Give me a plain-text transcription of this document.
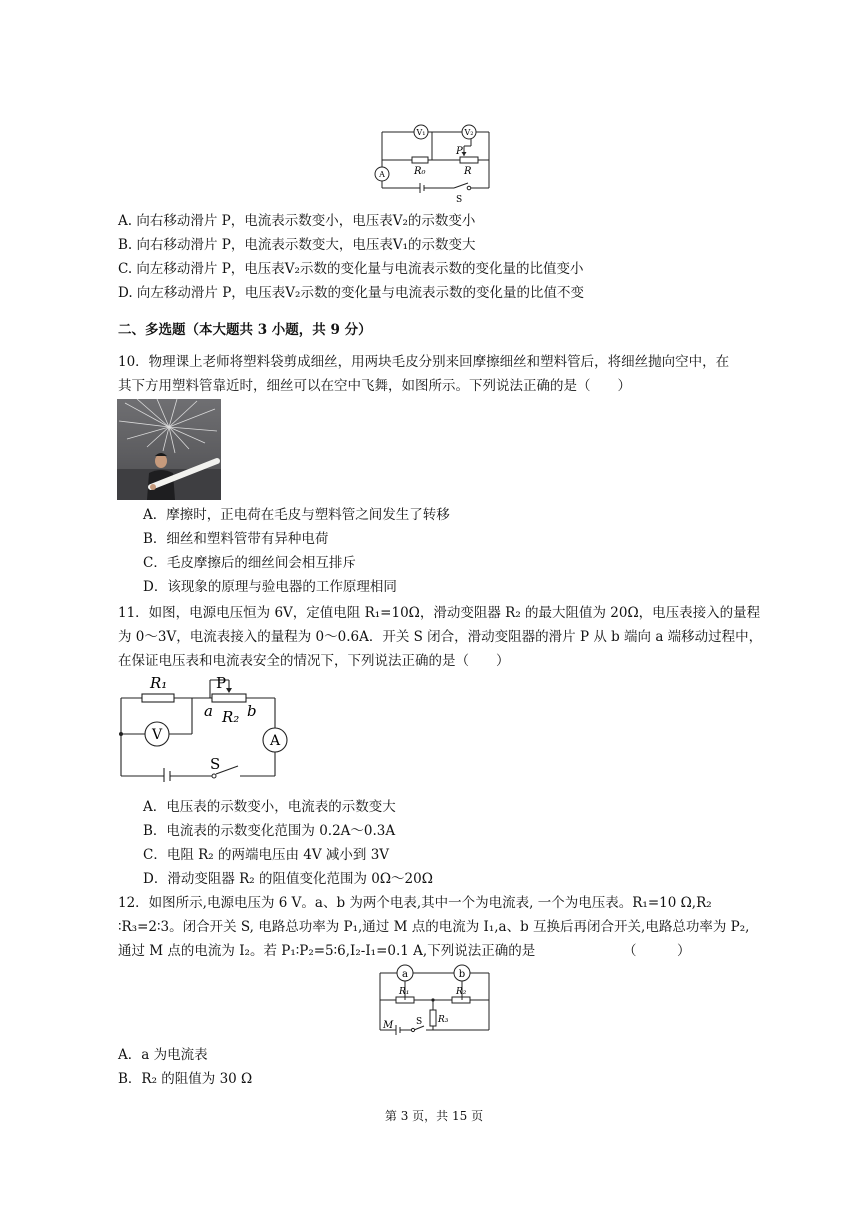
V₁	V₂
A
P
R₀	R
S
A. 向右移动滑片 P，电流表示数变小，电压表V₂的示数变小
B. 向右移动滑片 P，电流表示数变大，电压表V₁的示数变大
C. 向左移动滑片 P，电压表V₂示数的变化量与电流表示数的变化量的比值变小
D. 向左移动滑片 P，电压表V₂示数的变化量与电流表示数的变化量的比值不变
二、多选题（本大题共 3 小题，共 9 分）
10．物理课上老师将塑料袋剪成细丝，用两块毛皮分别来回摩擦细丝和塑料管后，将细丝抛向空中，在
其下方用塑料管靠近时，细丝可以在空中飞舞，如图所示。下列说法正确的是（　　）
A．摩擦时，正电荷在毛皮与塑料管之间发生了转移
B．细丝和塑料管带有异种电荷
C．毛皮摩擦后的细丝间会相互排斥
D．该现象的原理与验电器的工作原理相同
11．如图，电源电压恒为 6V，定值电阻 R₁=10Ω，滑动变阻器 R₂ 的最大阻值为 20Ω，电压表接入的量程
为 0～3V，电流表接入的量程为 0～0.6A．开关 S 闭合，滑动变阻器的滑片 P 从 b 端向 a 端移动过程中，
在保证电压表和电流表安全的情况下，下列说法正确的是（　　）
R₁	P
a R₂ b
V	A
S
A．电压表的示数变小，电流表的示数变大
B．电流表的示数变化范围为 0.2A～0.3A
C．电阻 R₂ 的两端电压由 4V 减小到 3V
D．滑动变阻器 R₂ 的阻值变化范围为 0Ω～20Ω
12．如图所示,电源电压为 6 V。a、b 为两个电表,其中一个为电流表, 一个为电压表。R₁=10 Ω,R₂
∶R₃=2∶3。闭合开关 S, 电路总功率为 P₁,通过 M 点的电流为 I₁,a、b 互换后再闭合开关,电路总功率为 P₂,
通过 M 点的电流为 I₂。若 P₁∶P₂=5∶6,I₂-I₁=0.1 A,下列说法正确的是　　　　　　　（　　　）
a	b
R₁	R₂
R₃
M	S
A．a 为电流表
B．R₂ 的阻值为 30 Ω
第 3 页，共 15 页
